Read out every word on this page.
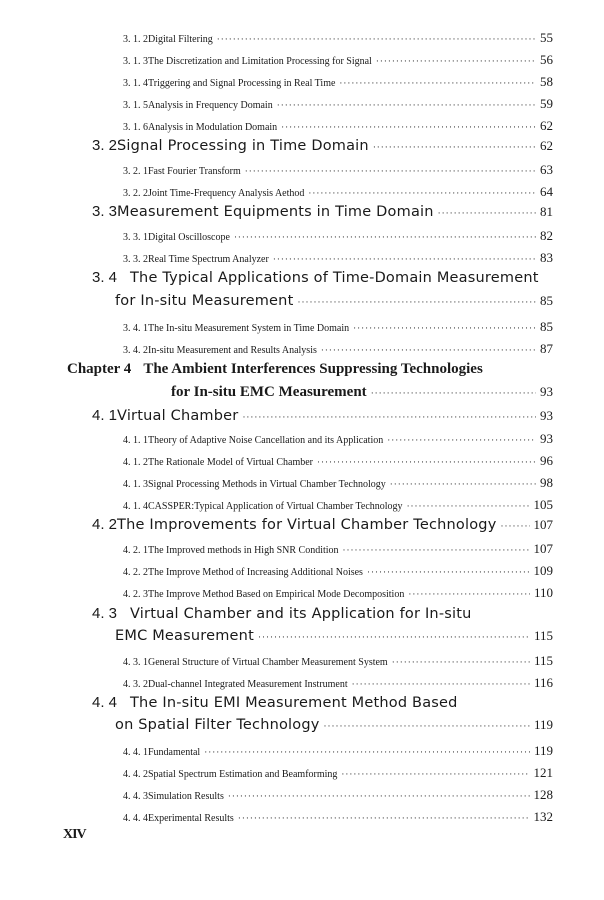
3. 1. 2 Digital Filtering ·····	55
3. 1. 3 The Discretization and Limitation Processing for Signal ·····	56
3. 1. 4 Triggering and Signal Processing in Real Time ·····	58
3. 1. 5 Analysis in Frequency Domain ·····	59
3. 1. 6 Analysis in Modulation Domain ·····	62
3. 2 Signal Processing in Time Domain ·····	62
3. 2. 1 Fast Fourier Transform ·····	63
3. 2. 2 Joint Time-Frequency Analysis Aethod ·····	64
3. 3 Measurement Equipments in Time Domain ·····	81
3. 3. 1 Digital Oscilloscope ·····	82
3. 3. 2 Real Time Spectrum Analyzer ·····	83
3. 4 The Typical Applications of Time-Domain Measurement
for In-situ Measurement ·····	85
3. 4. 1 The In-situ Measurement System in Time Domain ·····	85
3. 4. 2 In-situ Measurement and Results Analysis ·····	87
Chapter 4 The Ambient Interferences Suppressing Technologies
for In-situ EMC Measurement ·····	93
4. 1 Virtual Chamber ·····	93
4. 1. 1 Theory of Adaptive Noise Cancellation and its Application ·····	93
4. 1. 2 The Rationale Model of Virtual Chamber ·····	96
4. 1. 3 Signal Processing Methods in Virtual Chamber Technology ·····	98
4. 1. 4 CASSPER:Typical Application of Virtual Chamber Technology ·····	105
4. 2 The Improvements for Virtual Chamber Technology ·····	107
4. 2. 1 The Improved methods in High SNR Condition ·····	107
4. 2. 2 The Improve Method of Increasing Additional Noises ·····	109
4. 2. 3 The Improve Method Based on Empirical Mode Decomposition ·····	110
4. 3 Virtual Chamber and its Application for In-situ
EMC Measurement ·····	115
4. 3. 1 General Structure of Virtual Chamber Measurement System ·····	115
4. 3. 2 Dual-channel Integrated Measurement Instrument ·····	116
4. 4 The In-situ EMI Measurement Method Based
on Spatial Filter Technology ·····	119
4. 4. 1 Fundamental ·····	119
4. 4. 2 Spatial Spectrum Estimation and Beamforming ·····	121
4. 4. 3 Simulation Results ·····	128
4. 4. 4 Experimental Results ·····	132
XIV
